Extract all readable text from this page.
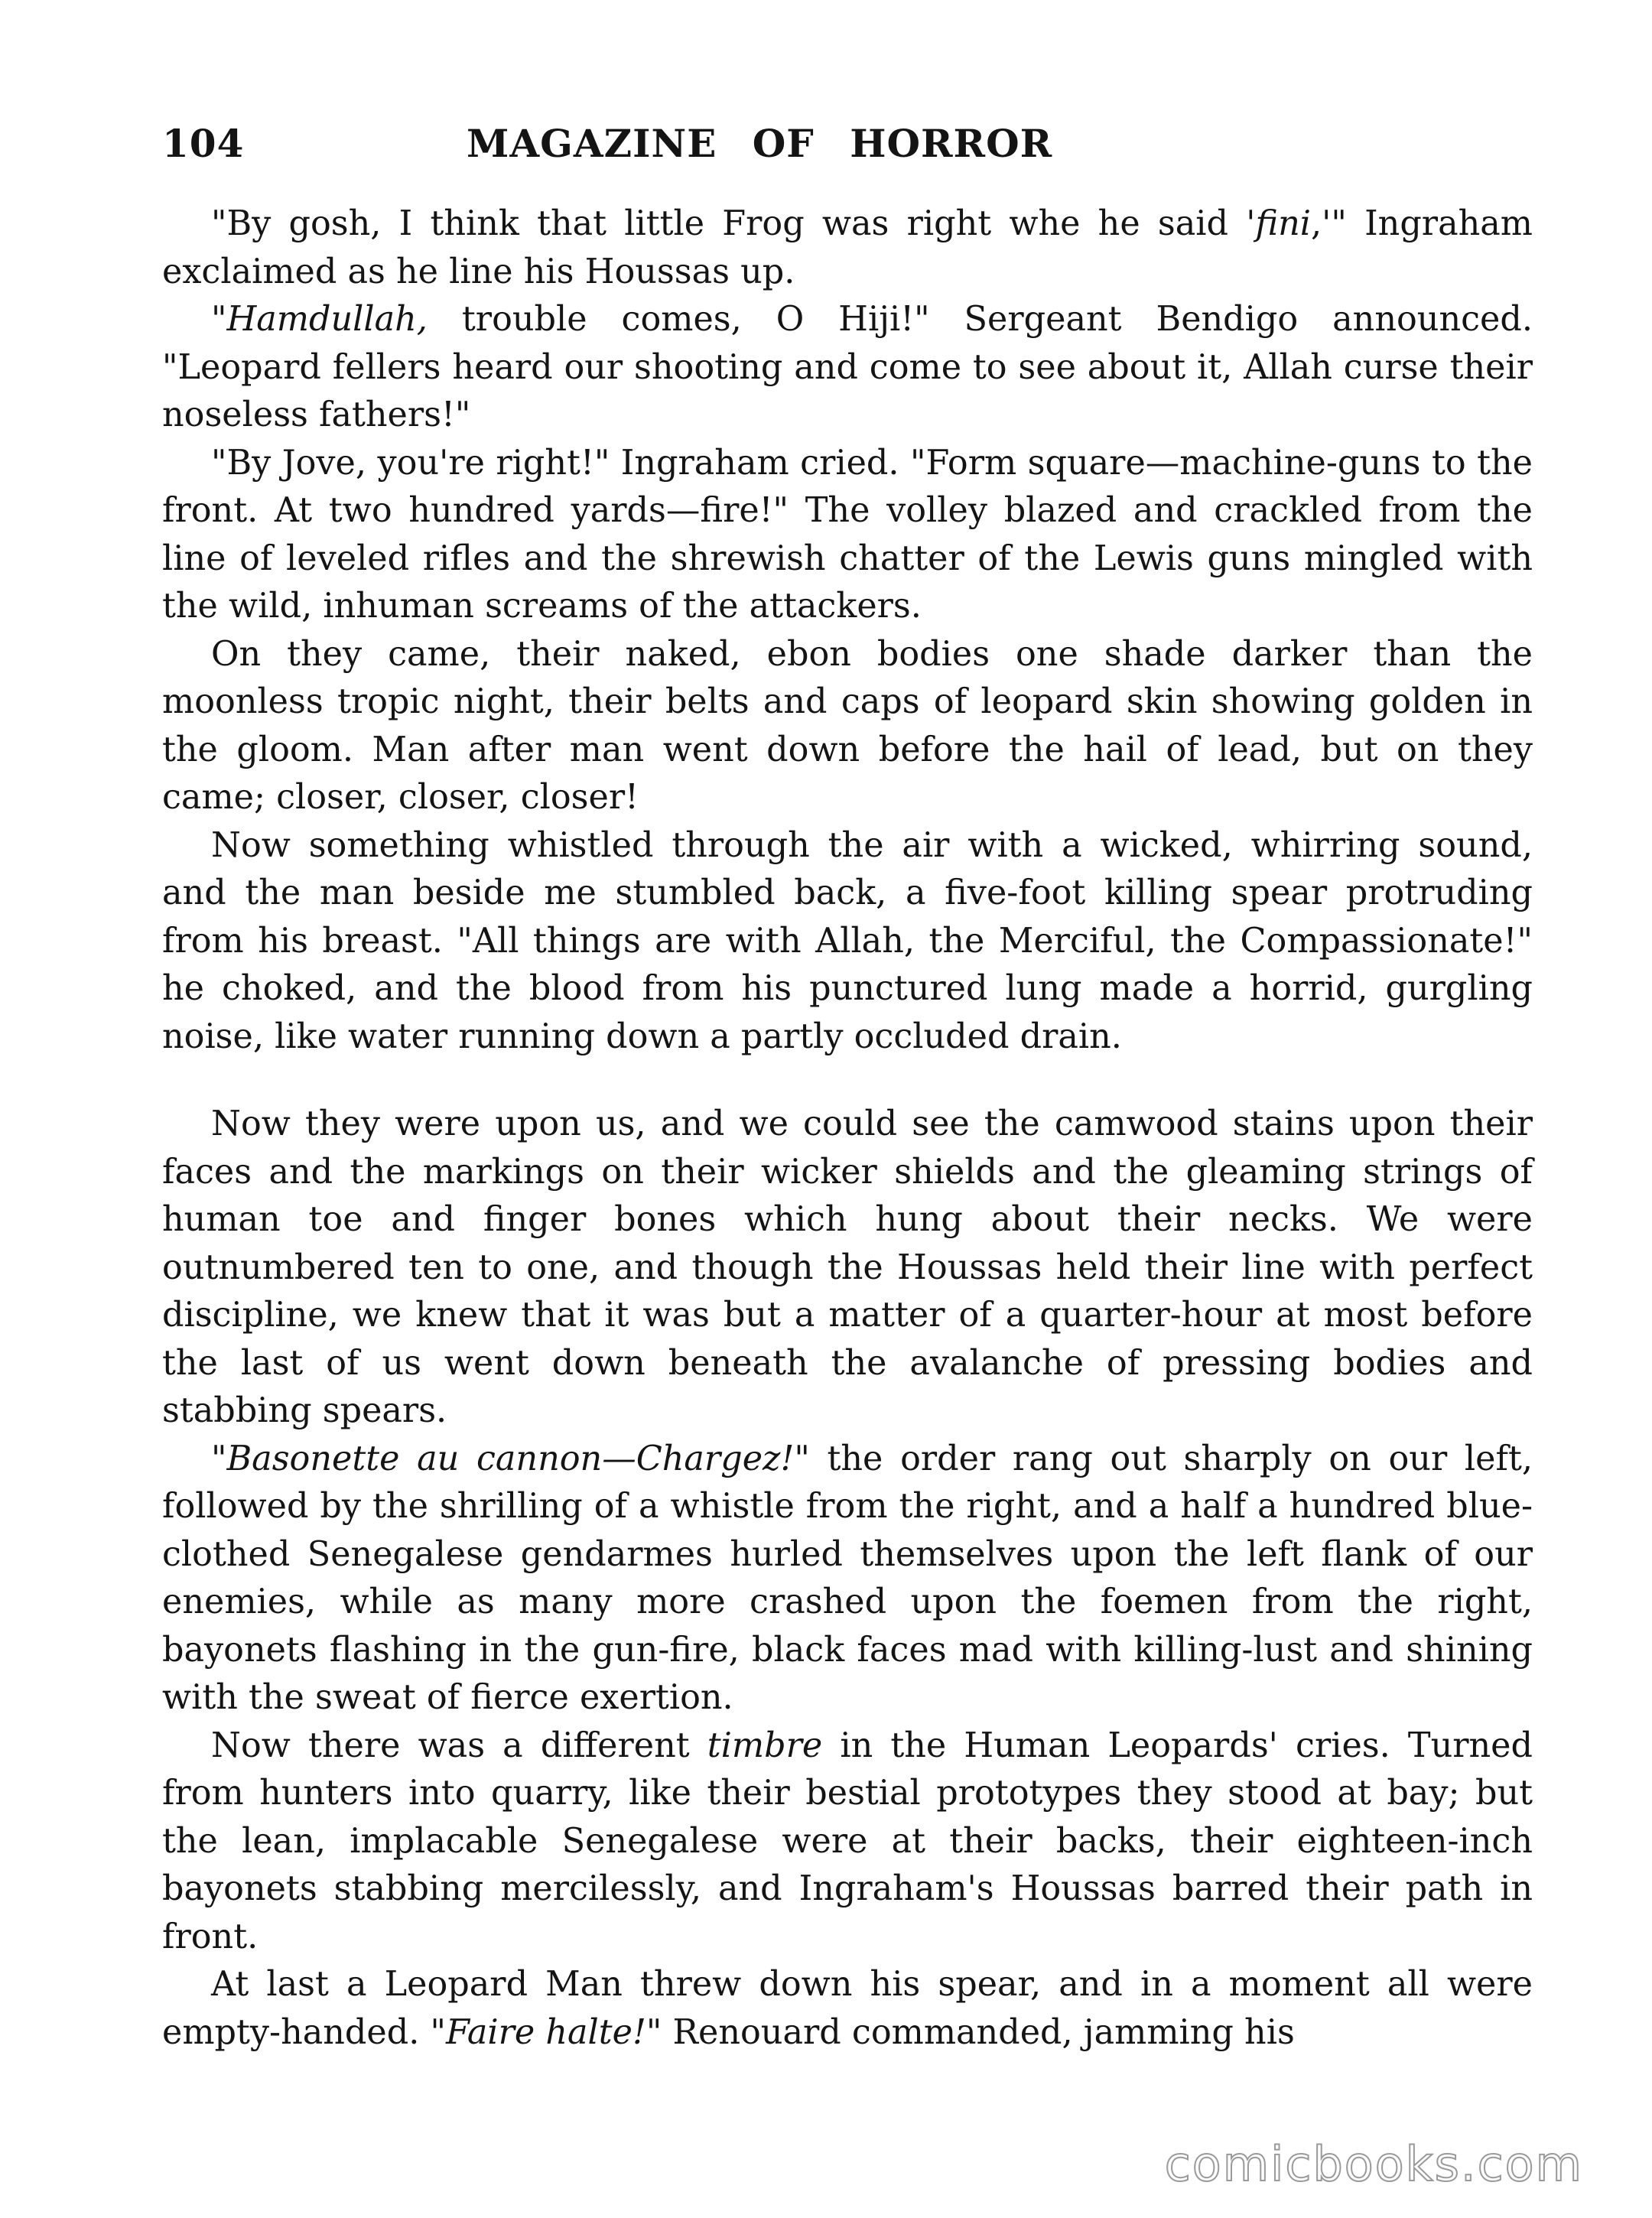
104	MAGAZINE OF HORROR

"By gosh, I think that little Frog was right whe he said 'fini,'" Ingraham exclaimed as he line his Houssas up.

"Hamdullah, trouble comes, O Hiji!" Sergeant Bendigo announced. "Leopard fellers heard our shooting and come to see about it, Allah curse their noseless fathers!"

"By Jove, you're right!" Ingraham cried. "Form square—machine-guns to the front. At two hundred yards—fire!" The volley blazed and crackled from the line of leveled rifles and the shrewish chatter of the Lewis guns mingled with the wild, inhuman screams of the attackers.

On they came, their naked, ebon bodies one shade darker than the moonless tropic night, their belts and caps of leopard skin showing golden in the gloom. Man after man went down before the hail of lead, but on they came; closer, closer, closer!

Now something whistled through the air with a wicked, whirring sound, and the man beside me stumbled back, a five-foot killing spear protruding from his breast. "All things are with Allah, the Merciful, the Compassionate!" he choked, and the blood from his punctured lung made a horrid, gurgling noise, like water running down a partly occluded drain.

Now they were upon us, and we could see the camwood stains upon their faces and the markings on their wicker shields and the gleaming strings of human toe and finger bones which hung about their necks. We were outnumbered ten to one, and though the Houssas held their line with perfect discipline, we knew that it was but a matter of a quarter-hour at most before the last of us went down beneath the avalanche of pressing bodies and stabbing spears.

"Basonette au cannon—Chargez!" the order rang out sharply on our left, followed by the shrilling of a whistle from the right, and a half a hundred blue-clothed Senegalese gendarmes hurled themselves upon the left flank of our enemies, while as many more crashed upon the foemen from the right, bayonets flashing in the gun-fire, black faces mad with killing-lust and shining with the sweat of fierce exertion.

Now there was a different timbre in the Human Leopards' cries. Turned from hunters into quarry, like their bestial prototypes they stood at bay; but the lean, implacable Senegalese were at their backs, their eighteen-inch bayonets stabbing mercilessly, and Ingraham's Houssas barred their path in front.

At last a Leopard Man threw down his spear, and in a moment all were empty-handed. "Faire halte!" Renouard commanded, jamming his

comicbooks.com
